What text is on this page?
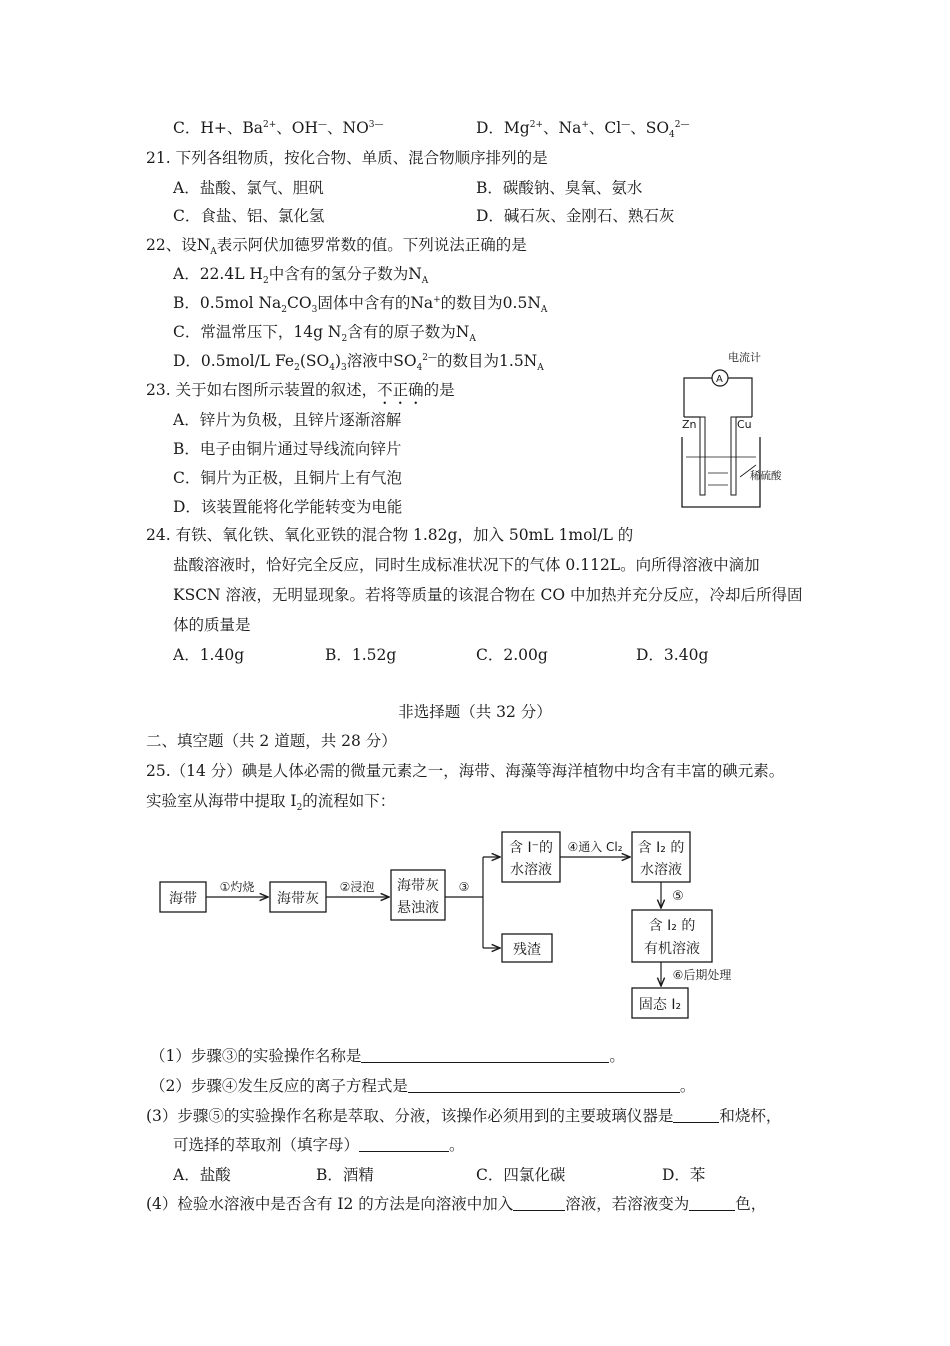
C．H+、$Ba^{2+}$、OH—、$NO^{3—}$	D．$Mg^{2+}$、Na+、Cl—、$SO_4^{2—}$
21. 下列各组物质，按化合物、单质、混合物顺序排列的是
A．盐酸、氯气、胆矾	B．碳酸钠、臭氧、氨水
C．食盐、铝、氯化氢	D．碱石灰、金刚石、熟石灰
22、设$N_A$表示阿伏加德罗常数的值。下列说法正确的是
A．22.4L $H_2$中含有的氢分子数为$N_A$
B．0.5mol $Na_2CO_3$固体中含有的Na+的数目为$0.5N_A$
C．常温常压下，14g $N_2$含有的原子数为$N_A$
D．0.5mol/L $Fe_2(SO_4)_3$溶液中$SO_4^{2—}$的数目为$1.5N_A$
23. 关于如右图所示装置的叙述，不正确的是
A．锌片为负极，且锌片逐渐溶解
B．电子由铜片通过导线流向锌片
C．铜片为正极，且铜片上有气泡
D．该装置能将化学能转变为电能
电流计
A
Zn	Cu
稀硫酸
24. 有铁、氧化铁、氧化亚铁的混合物 1.82g，加入 50mL 1mol/L 的
盐酸溶液时，恰好完全反应，同时生成标准状况下的气体 0.112L。向所得溶液中滴加
KSCN 溶液，无明显现象。若将等质量的该混合物在 CO 中加热并充分反应，冷却后所得固
体的质量是
A．1.40g	B．1.52g	C．2.00g	D．3.40g
非选择题（共 32 分）
二、填空题（共 2 道题，共 28 分）
25.（14 分）碘是人体必需的微量元素之一，海带、海藻等海洋植物中均含有丰富的碘元素。
实验室从海带中提取 $I_2$的流程如下：
海带	海带灰
海带灰
悬浊液
含 I⁻的
水溶液
残渣
含 I₂ 的
水溶液
含 I₂ 的
有机溶液
固态 I₂
①灼烧	②浸泡	③
④通入 Cl₂
⑤
⑥后期处理
（1）步骤③的实验操作名称是	。
（2）步骤④发生反应的离子方程式是	。
(3）步骤⑤的实验操作名称是萃取、分液，该操作必须用到的主要玻璃仪器是	和烧杯，
可选择的萃取剂（填字母）	。
A．盐酸	B．酒精	C．四氯化碳	D．苯
(4）检验水溶液中是否含有 I2 的方法是向溶液中加入	溶液，若溶液变为	色，
